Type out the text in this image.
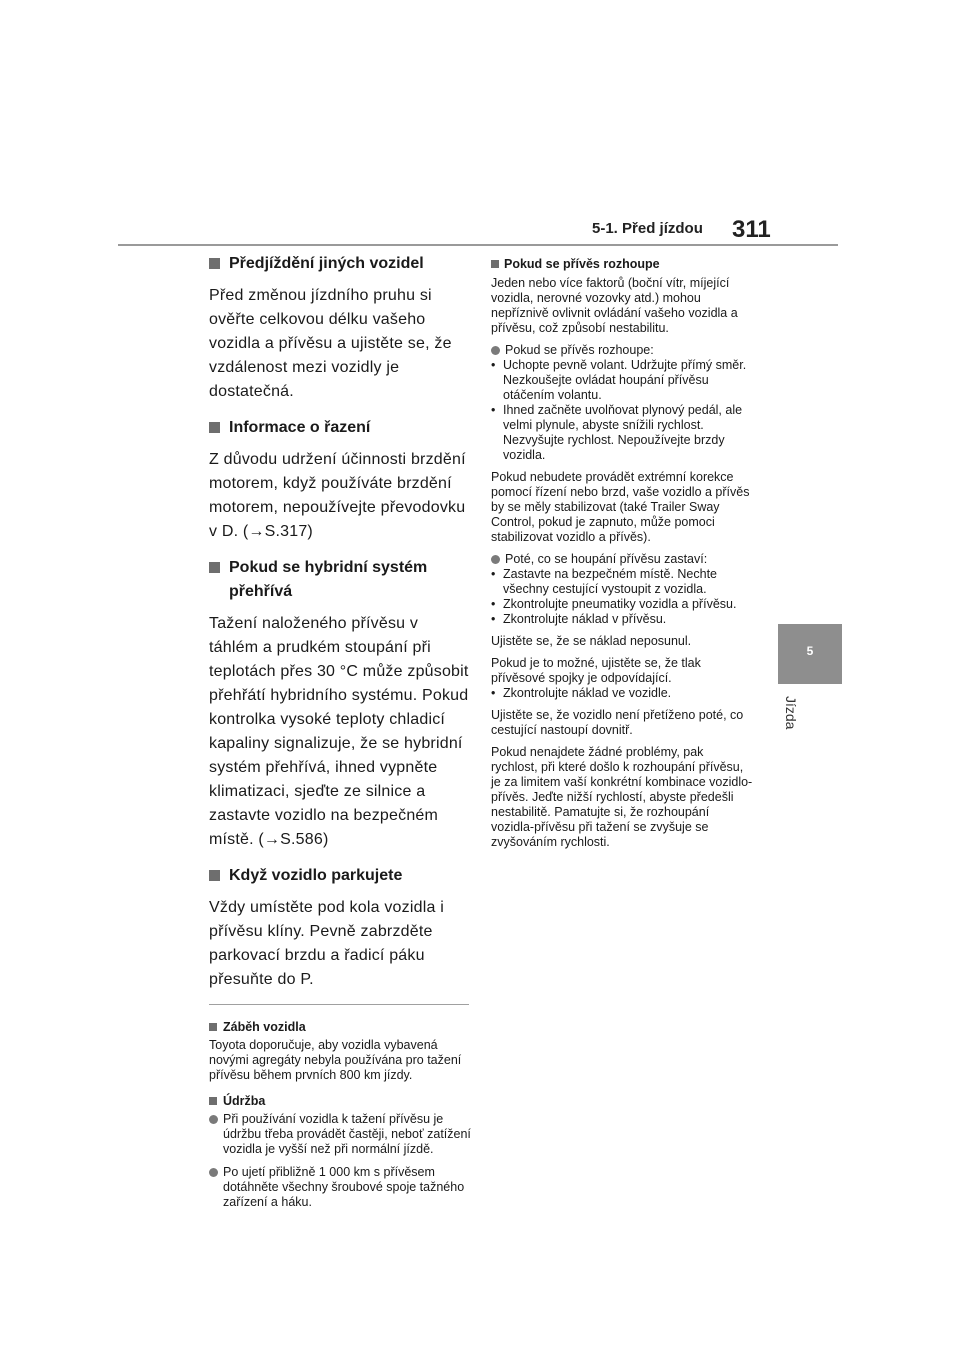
5-1. Před jízdou 311
5
Jízda
Předjíždění jiných vozidel

Před změnou jízdního pruhu si ověřte celkovou délku vašeho vozidla a přívěsu a ujistěte se, že vzdálenost mezi vozidly je dostatečná.

Informace o řazení

Z důvodu udržení účinnosti brzdění motorem, když používáte brzdění motorem, nepoužívejte převodovku v D. (→S.317)

Pokud se hybridní systém přehřívá

Tažení naloženého přívěsu v táhlém a prudkém stoupání při teplotách přes 30 °C může způsobit přehřátí hybridního systému. Pokud kontrolka vysoké teploty chladicí kapaliny signalizuje, že se hybridní systém přehřívá, ihned vypněte klimatizaci, sjeďte ze silnice a zastavte vozidlo na bezpečném místě. (→S.586)

Když vozidlo parkujete

Vždy umístěte pod kola vozidla i přívěsu klíny. Pevně zabrzděte parkovací brzdu a řadicí páku přesuňte do P.

Záběh vozidla

Toyota doporučuje, aby vozidla vybavená novými agregáty nebyla používána pro tažení přívěsu během prvních 800 km jízdy.

Údržba
Při používání vozidla k tažení přívěsu je údržbu třeba provádět častěji, neboť zatížení vozidla je vyšší než při normální jízdě.
Po ujetí přibližně 1 000 km s přívěsem dotáhněte všechny šroubové spoje tažného zařízení a háku.
Pokud se přívěs rozhoupe

Jeden nebo více faktorů (boční vítr, míjející vozidla, nerovné vozovky atd.) mohou nepříznivě ovlivnit ovládání vašeho vozidla a přívěsu, což způsobí nestabilitu.

Pokud se přívěs rozhoupe:
• Uchopte pevně volant. Udržujte přímý směr. Nezkoušejte ovládat houpání přívěsu otáčením volantu.
• Ihned začněte uvolňovat plynový pedál, ale velmi plynule, abyste snížili rychlost. Nezvyšujte rychlost. Nepoužívejte brzdy vozidla.

Pokud nebudete provádět extrémní korekce pomocí řízení nebo brzd, vaše vozidlo a přívěs by se měly stabilizovat (také Trailer Sway Control, pokud je zapnuto, může pomoci stabilizovat vozidlo a přívěs).

Poté, co se houpání přívěsu zastaví:
• Zastavte na bezpečném místě. Nechte všechny cestující vystoupit z vozidla.
• Zkontrolujte pneumatiky vozidla a přívěsu.
• Zkontrolujte náklad v přívěsu.

Ujistěte se, že se náklad neposunul.

Pokud je to možné, ujistěte se, že tlak přívěsové spojky je odpovídající.

• Zkontrolujte náklad ve vozidle.

Ujistěte se, že vozidlo není přetíženo poté, co cestující nastoupí dovnitř.

Pokud nenajdete žádné problémy, pak rychlost, při které došlo k rozhoupání přívěsu, je za limitem vaší konkrétní kombinace vozidlo-přívěs. Jeďte nižší rychlostí, abyste předešli nestabilitě. Pamatujte si, že rozhoupání vozidla-přívěsu při tažení se zvyšuje se zvyšováním rychlosti.
